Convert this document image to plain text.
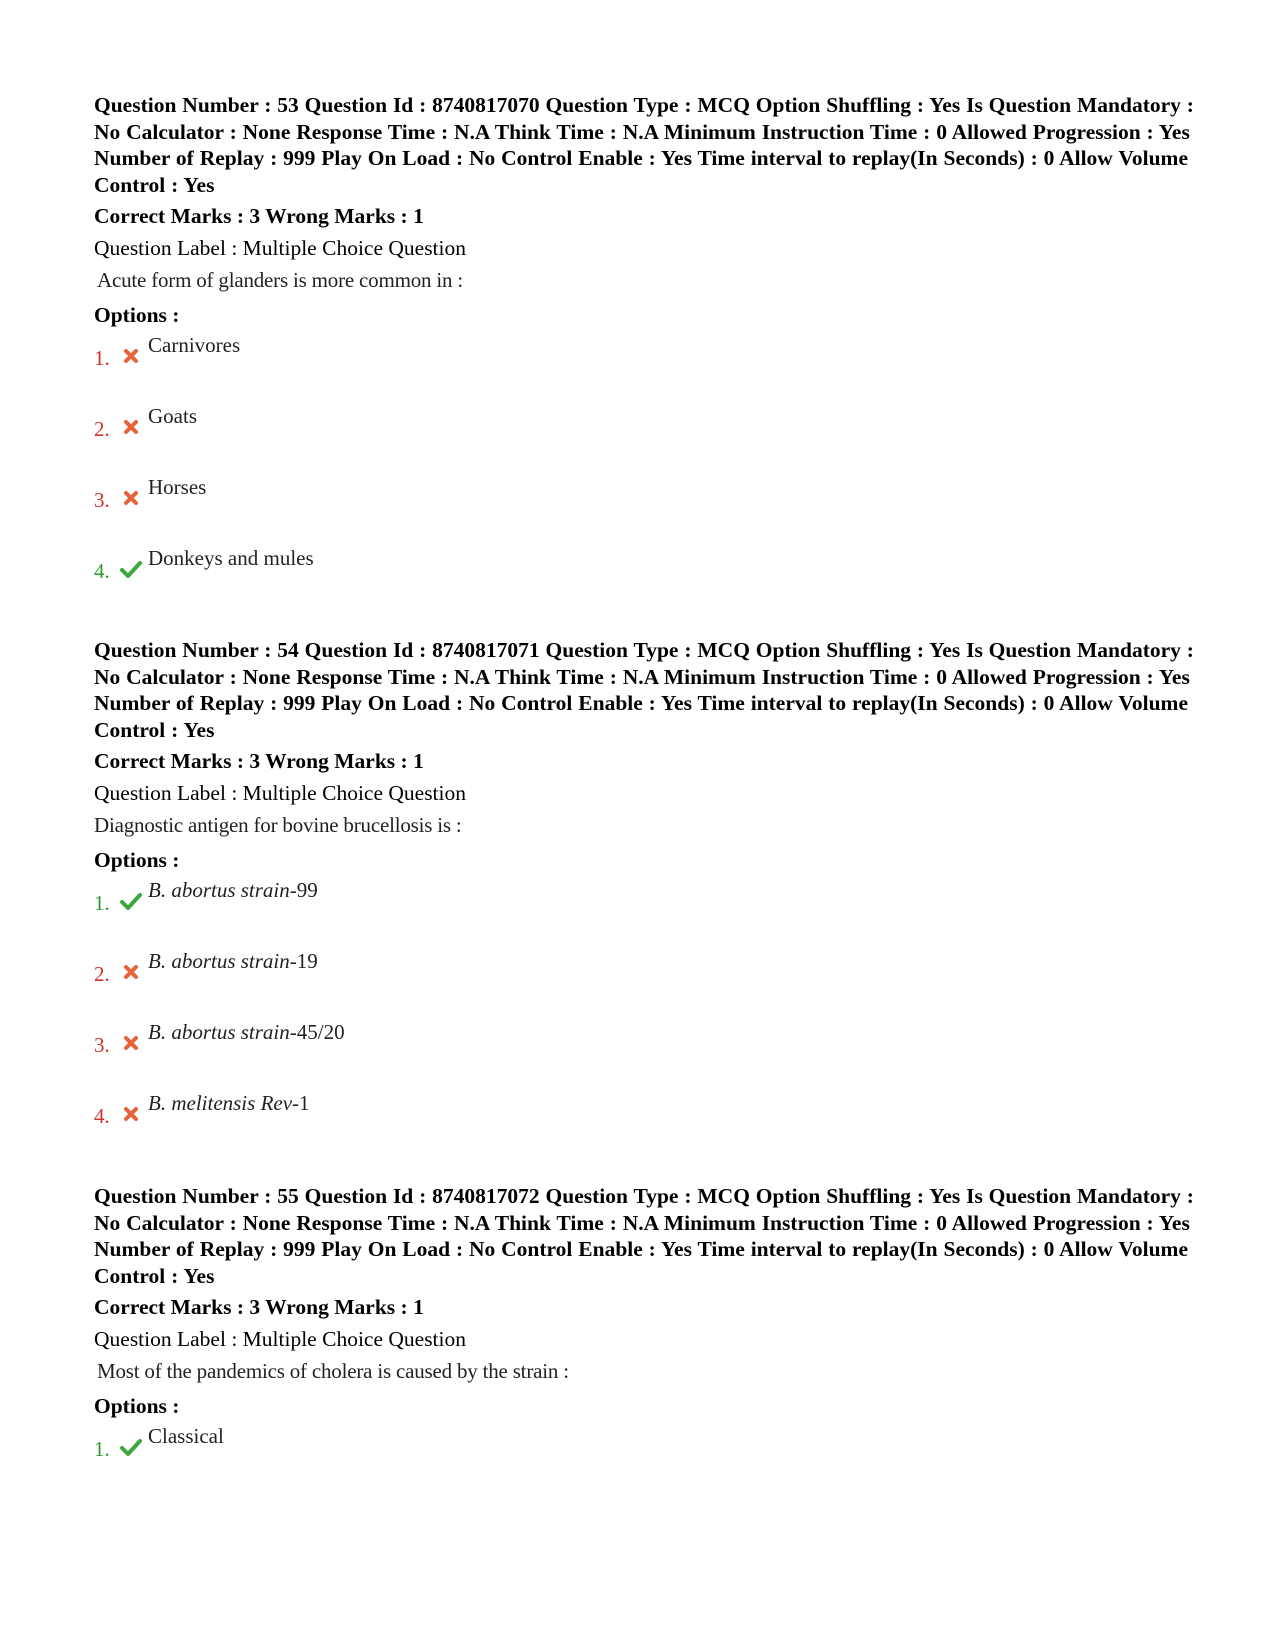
Question Number : 53 Question Id : 8740817070 Question Type : MCQ Option Shuffling : Yes Is Question Mandatory : No Calculator : None Response Time : N.A Think Time : N.A Minimum Instruction Time : 0 Allowed Progression : Yes Number of Replay : 999 Play On Load : No Control Enable : Yes Time interval to replay(In Seconds) : 0 Allow Volume Control : Yes

Correct Marks : 3 Wrong Marks : 1
Question Label : Multiple Choice Question
Acute form of glanders is more common in :
Options :
1.
Carnivores
2.
Goats
3.
Horses
4.
Donkeys and mules

Question Number : 54 Question Id : 8740817071 Question Type : MCQ Option Shuffling : Yes Is Question Mandatory : No Calculator : None Response Time : N.A Think Time : N.A Minimum Instruction Time : 0 Allowed Progression : Yes Number of Replay : 999 Play On Load : No Control Enable : Yes Time interval to replay(In Seconds) : 0 Allow Volume Control : Yes

Correct Marks : 3 Wrong Marks : 1
Question Label : Multiple Choice Question
Diagnostic antigen for bovine brucellosis is :
Options :
1.
B. abortus strain-99
2.
B. abortus strain-19
3.
B. abortus strain-45/20
4.
B. melitensis Rev-1

Question Number : 55 Question Id : 8740817072 Question Type : MCQ Option Shuffling : Yes Is Question Mandatory : No Calculator : None Response Time : N.A Think Time : N.A Minimum Instruction Time : 0 Allowed Progression : Yes Number of Replay : 999 Play On Load : No Control Enable : Yes Time interval to replay(In Seconds) : 0 Allow Volume Control : Yes

Correct Marks : 3 Wrong Marks : 1
Question Label : Multiple Choice Question
Most of the pandemics of cholera is caused by the strain :
Options :
1.
Classical
